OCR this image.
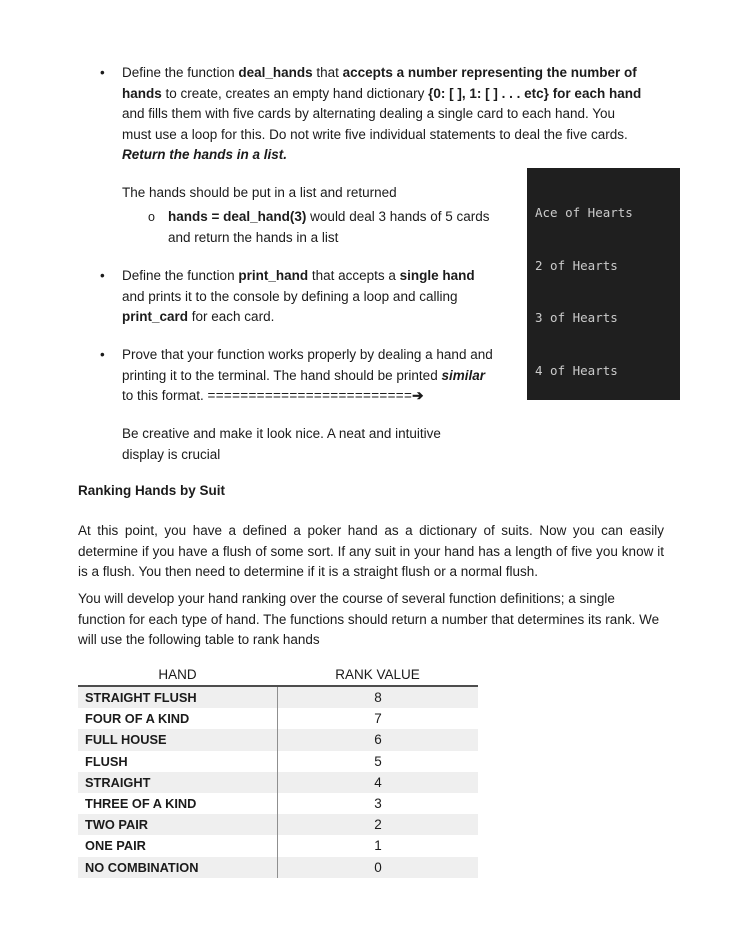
•	Define the function deal_hands that accepts a number representing the number of hands to create, creates an empty hand dictionary {0: [ ], 1: [ ] . . . etc} for each hand and fills them with five cards by alternating dealing a single card to each hand. You must use a loop for this. Do not write five individual statements to deal the five cards. Return the hands in a list.
The hands should be put in a list and returned
o hands = deal_hand(3) would deal 3 hands of 5 cards and return the hands in a list
•	Define the function print_hand that accepts a single hand and prints it to the console by defining a loop and calling print_card for each card.
•	Prove that your function works properly by dealing a hand and printing it to the terminal. The hand should be printed similar to this format. =========================➔
Be creative and make it look nice. A neat and intuitive display is crucial

Ace of Hearts

2 of Hearts

3 of Hearts

4 of Hearts

Ranking Hands by Suit
At this point, you have a defined a poker hand as a dictionary of suits. Now you can easily determine if you have a flush of some sort. If any suit in your hand has a length of five you know it is a flush. You then need to determine if it is a straight flush or a normal flush.
You will develop your hand ranking over the course of several function definitions; a single function for each type of hand. The functions should return a number that determines its rank. We will use the following table to rank hands
HAND	RANK VALUE
STRAIGHT FLUSH	8
FOUR OF A KIND	7
FULL HOUSE	6
FLUSH	5
STRAIGHT	4
THREE OF A KIND	3
TWO PAIR	2
ONE PAIR	1
NO COMBINATION	0
